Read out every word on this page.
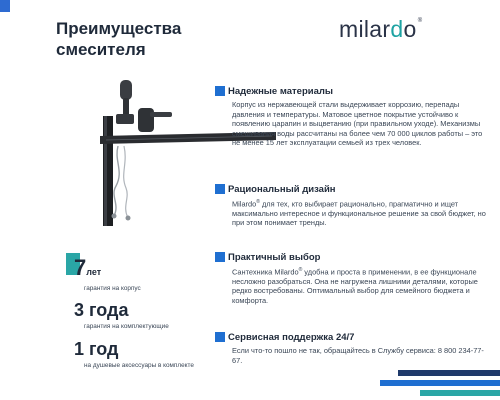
Преимущества смесителя
milardo ®
Надежные материалы

Корпус из нержавеющей стали выдерживает коррозию, перепады давления и температуры. Матовое цветное покрытие устойчиво к появлению царапин и выцветанию (при правильном уходе). Механизмы смешивания воды рассчитаны на более чем 70 000 циклов работы – это не менее 15 лет эксплуатации семьей из трех человек.

Рациональный дизайн

Milardo® для тех, кто выбирает рационально, прагматично и ищет максимально интересное и функциональное решение за свой бюджет, но при этом понимает тренды.

Практичный выбор

Сантехника Milardo® удобна и проста в применении, в ее функционале несложно разобраться. Она не нагружена лишними деталями, которые редко востребованы. Оптимальный выбор для семейного бюджета и комфорта.

Сервисная поддержка 24/7

Если что-то пошло не так, обращайтесь в Службу сервиса: 8 800 234-77-67.

7лет
гарантия на корпус
3 года
гарантия на комплектующие
1 год
на душевые аксессуары в комплекте
